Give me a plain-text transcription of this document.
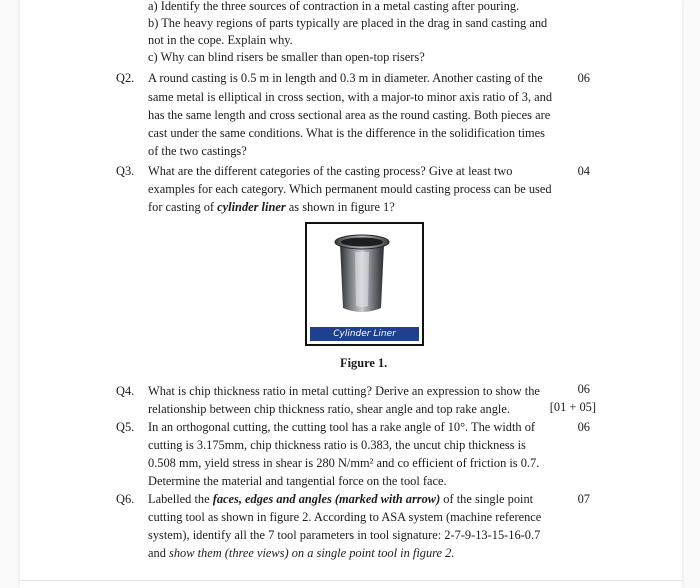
a) Identify the three sources of contraction in a metal casting after pouring.
b) The heavy regions of parts typically are placed in the drag in sand casting and
not in the cope. Explain why.
c) Why can blind risers be smaller than open-top risers?
Q2.	06
A round casting is 0.5 m in length and 0.3 m in diameter. Another casting of the
same metal is elliptical in cross section, with a major-to minor axis ratio of 3, and
has the same length and cross sectional area as the round casting. Both pieces are
cast under the same conditions. What is the difference in the solidification times
of the two castings?
Q3.	04
What are the different categories of the casting process? Give at least two
examples for each category. Which permanent mould casting process can be used
for casting of cylinder liner as shown in figure 1?
Cylinder Liner
Figure 1.
Q4.	06
[01 + 05]
What is chip thickness ratio in metal cutting? Derive an expression to show the
relationship between chip thickness ratio, shear angle and top rake angle.
Q5.	06
In an orthogonal cutting, the cutting tool has a rake angle of 10°. The width of
cutting is 3.175mm, chip thickness ratio is 0.383, the uncut chip thickness is
0.508 mm, yield stress in shear is 280 N/mm² and co efficient of friction is 0.7.
Determine the material and tangential force on the tool face.
Q6.	07
Labelled the faces, edges and angles (marked with arrow) of the single point
cutting tool as shown in figure 2. According to ASA system (machine reference
system), identify all the 7 tool parameters in tool signature: 2-7-9-13-15-16-0.7
and show them (three views) on a single point tool in figure 2.
